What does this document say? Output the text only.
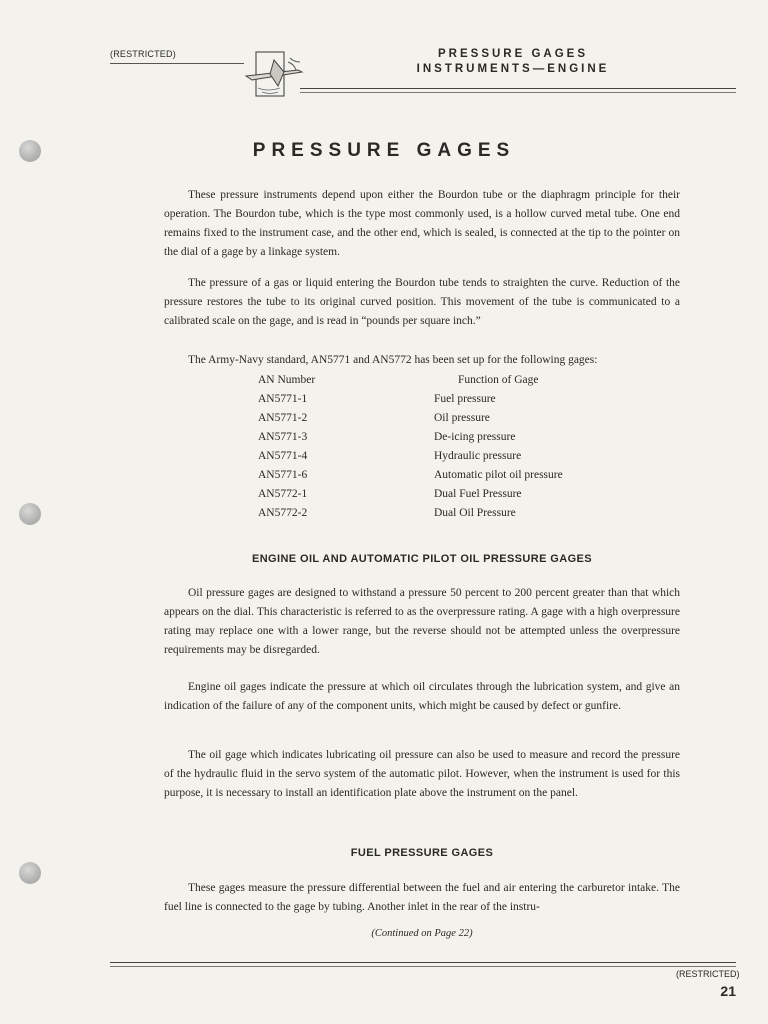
(RESTRICTED)	PRESSURE GAGES
INSTRUMENTS—ENGINE
PRESSURE GAGES

These pressure instruments depend upon either the Bourdon tube or the diaphragm principle for their operation. The Bourdon tube, which is the type most commonly used, is a hollow curved metal tube. One end remains fixed to the instrument case, and the other end, which is sealed, is connected at the tip to the pointer on the dial of a gage by a linkage system.

The pressure of a gas or liquid entering the Bourdon tube tends to straighten the curve. Reduction of the pressure restores the tube to its original curved position. This movement of the tube is communicated to a calibrated scale on the gage, and is read in “pounds per square inch.”

The Army-Navy standard, AN5771 and AN5772 has been set up for the following gages:

AN Number	Function of Gage
AN5771-1	Fuel pressure
AN5771-2	Oil pressure
AN5771-3	De-icing pressure
AN5771-4	Hydraulic pressure
AN5771-6	Automatic pilot oil pressure
AN5772-1	Dual Fuel Pressure
AN5772-2	Dual Oil Pressure
ENGINE OIL AND AUTOMATIC PILOT OIL PRESSURE GAGES

Oil pressure gages are designed to withstand a pressure 50 percent to 200 percent greater than that which appears on the dial. This characteristic is referred to as the overpressure rating. A gage with a high overpressure rating may replace one with a lower range, but the reverse should not be attempted unless the overpressure requirements may be disregarded.

Engine oil gages indicate the pressure at which oil circulates through the lubrication system, and give an indication of the failure of any of the component units, which might be caused by defect or gunfire.

The oil gage which indicates lubricating oil pressure can also be used to measure and record the pressure of the hydraulic fluid in the servo system of the automatic pilot. However, when the instrument is used for this purpose, it is necessary to install an identification plate above the instrument on the panel.

FUEL PRESSURE GAGES

These gages measure the pressure differential between the fuel and air entering the carburetor intake. The fuel line is connected to the gage by tubing. Another inlet in the rear of the instru-

(Continued on Page 22)
(RESTRICTED)
21
